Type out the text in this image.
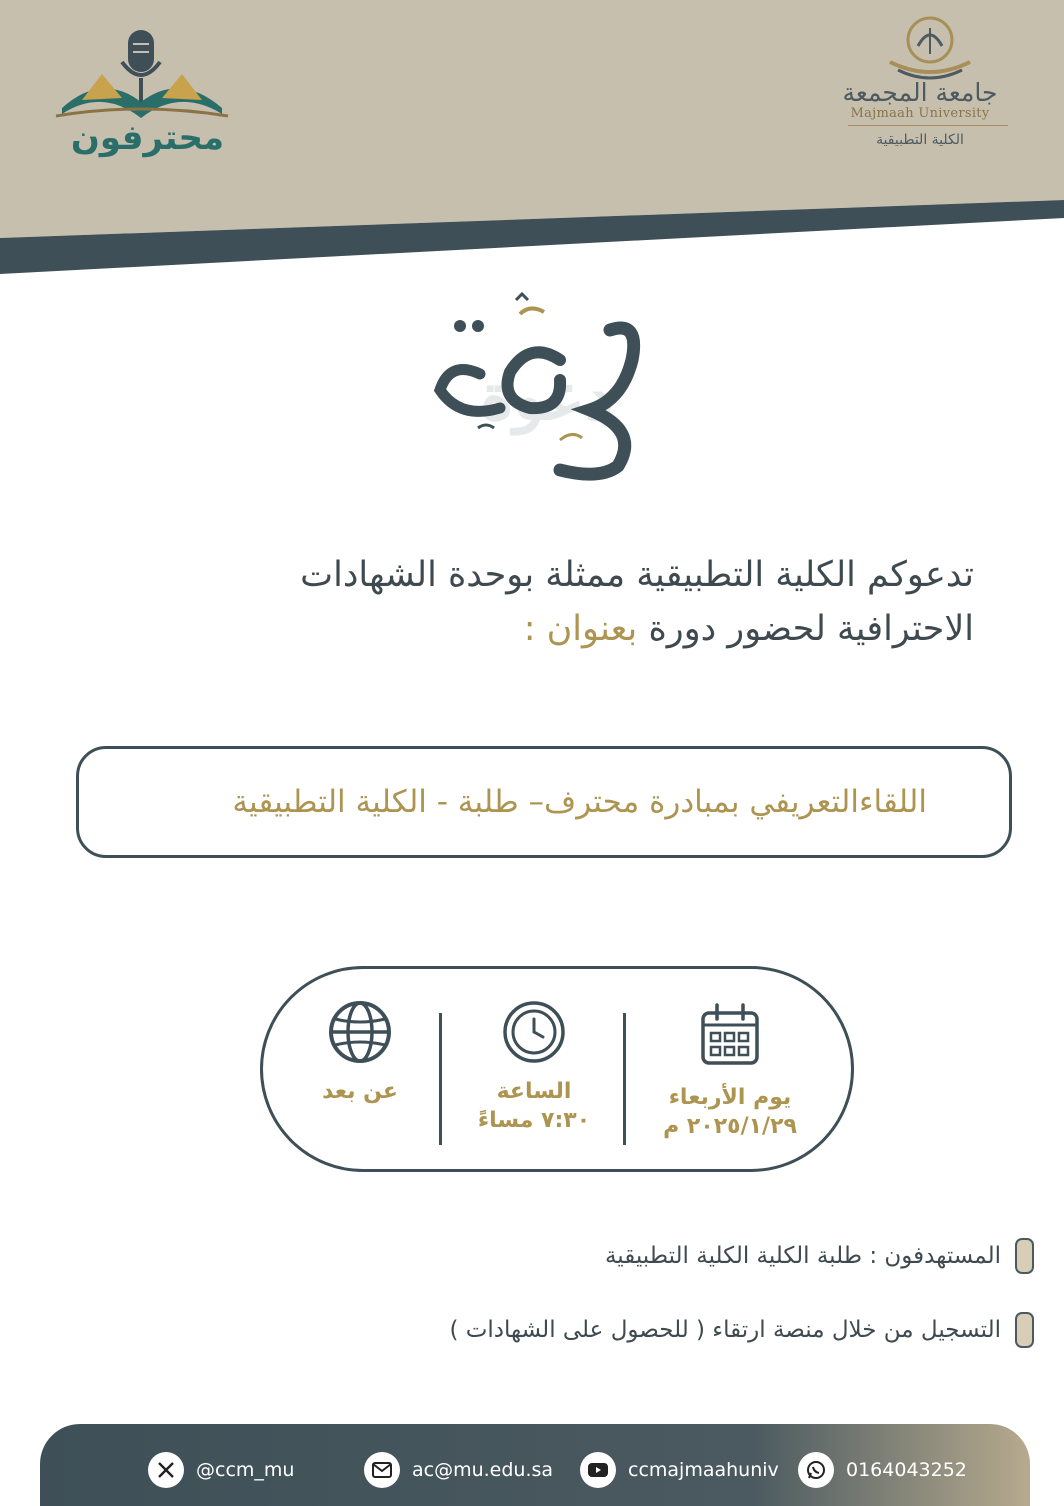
محترفون
جامعة المجمعة
Majmaah University
الكلية التطبيقية
دعوة
تدعوكم الكلية التطبيقية ممثلة بوحدة الشهادات
الاحترافية لحضور دورة بعنوان :
اللقاءالتعريفي بمبادرة محترف– طلبة - الكلية التطبيقية
يوم الأربعاء
٢٠٢٥/١/٢٩ م
الساعة
٧:٣٠ مساءً
عن بعد
المستهدفون : طلبة الكلية الكلية التطبيقية
التسجيل من خلال منصة ارتقاء ( للحصول على الشهادات )
@ccm_mu	ac@mu.edu.sa	ccmajmaahuniv	0164043252
